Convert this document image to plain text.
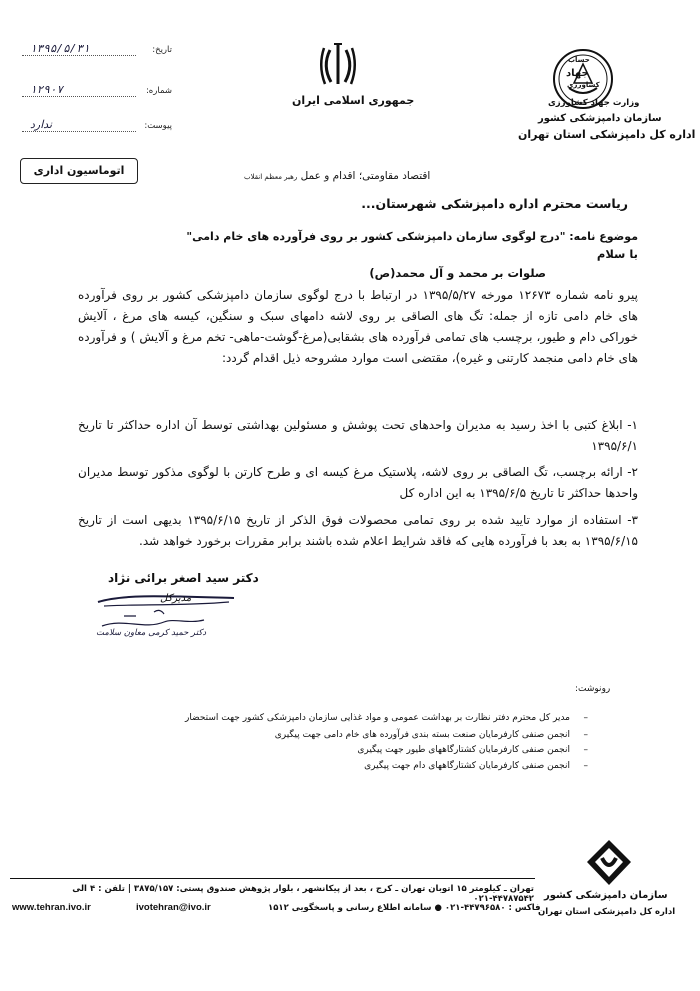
حساب
جهاد
کشاورزی
وزارت جهاد کشاورزی
سازمان دامپزشکی کشور
اداره کل دامپزشکی استان تهران
جمهوری اسلامی ایران
تاریخ:
۱۳۹۵/۵/۳۱
شماره:
۱۲۹۰۷
پیوست:
ندارد
اتوماسیون اداری	اقتصاد مقاومتی؛ اقدام و عمل رهبر معظم انقلاب
ریاست محترم اداره دامپزشکی شهرستان...
موضوع نامه: "درج لوگوی سازمان دامپزشکی کشور بر روی فرآورده های خام دامی"
با سلام
صلوات بر محمد و آل محمد(ص)
پیرو نامه شماره ۱۲۶۷۳ مورخه ۱۳۹۵/۵/۲۷ در ارتباط با درج لوگوی سازمان دامپزشکی کشور بر روی فرآورده های خام دامی تازه از جمله: تگ های الصاقی بر روی لاشه دامهای سبک و سنگین، کیسه های مرغ ، آلایش خوراکی دام و طیور، برچسب های تمامی فرآورده های بشقابی(مرغ-گوشت-ماهی- تخم مرغ و آلایش ) و فرآورده های خام دامی منجمد کارتنی و غیره)، مقتضی است موارد مشروحه ذیل اقدام گردد:
۱- ابلاغ کتبی با اخذ رسید به مدیران واحدهای تحت پوشش و مسئولین بهداشتی توسط آن اداره حداکثر تا تاریخ ۱۳۹۵/۶/۱
۲- ارائه برچسب، تگ الصاقی بر روی لاشه، پلاستیک مرغ کیسه ای و طرح کارتن با لوگوی مذکور توسط مدیران واحدها حداکثر تا تاریخ ۱۳۹۵/۶/۵ به این اداره کل
۳- استفاده از موارد تایید شده بر روی تمامی محصولات فوق الذکر از تاریخ ۱۳۹۵/۶/۱۵ بدیهی است از تاریخ ۱۳۹۵/۶/۱۵ به بعد با فرآورده هایی که فاقد شرایط اعلام شده باشند برابر مقررات برخورد خواهد شد.
دکتر سید اصغر برائی نژاد
مدیرکل
دکتر حمید کرمی معاون سلامت
رونوشت:
–
مدیر کل محترم دفتر نظارت بر بهداشت عمومی و مواد غذایی سازمان دامپزشکی کشور جهت استحضار
–
انجمن صنفی کارفرمایان صنعت بسته بندی فرآورده های خام دامی جهت پیگیری
–
انجمن صنفی کارفرمایان کشتارگاههای طیور جهت پیگیری
–
انجمن صنفی کارفرمایان کشتارگاههای دام جهت پیگیری
سازمان دامپزشکی کشور
اداره کل دامپزشکی استان تهران
تهران ـ کیلومتر ۱۵ اتوبان تهران ـ کرج ، بعد از پیکانشهر ، بلوار پژوهش صندوق پستی: ۳۸۷۵/۱۵۷ | تلفن : ۴ الی ۴۴۷۸۷۵۴۲-۰۲۱
www.tehran.ivo.ir	ivotehran@ivo.ir	فاکس : ۴۴۷۹۶۵۸۰-۰۲۱ ● سامانه اطلاع رسانی و پاسخگویی ۱۵۱۲
